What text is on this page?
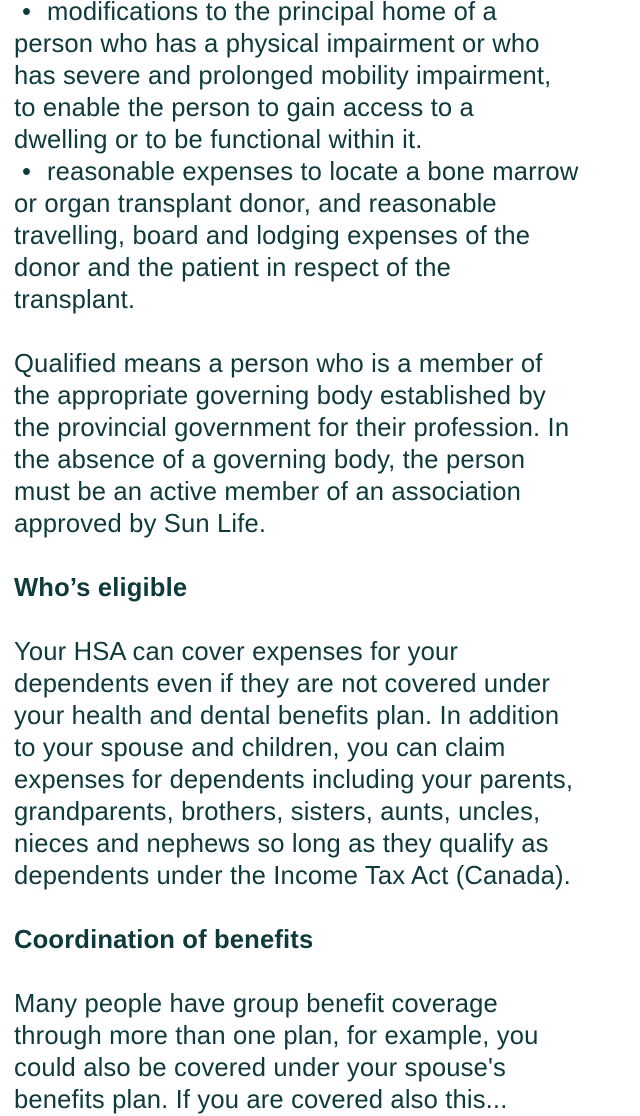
• modifications to the principal home of a
person who has a physical impairment or who
has severe and prolonged mobility impairment,
to enable the person to gain access to a
dwelling or to be functional within it.
• reasonable expenses to locate a bone marrow
or organ transplant donor, and reasonable
travelling, board and lodging expenses of the
donor and the patient in respect of the
transplant.
Qualified means a person who is a member of
the appropriate governing body established by
the provincial government for their profession. In
the absence of a governing body, the person
must be an active member of an association
approved by Sun Life.
Who’s eligible
Your HSA can cover expenses for your
dependents even if they are not covered under
your health and dental benefits plan. In addition
to your spouse and children, you can claim
expenses for dependents including your parents,
grandparents, brothers, sisters, aunts, uncles,
nieces and nephews so long as they qualify as
dependents under the Income Tax Act (Canada).
Coordination of benefits
Many people have group benefit coverage
through more than one plan, for example, you
could also be covered under your spouse's
benefits plan. If you are covered also this...
